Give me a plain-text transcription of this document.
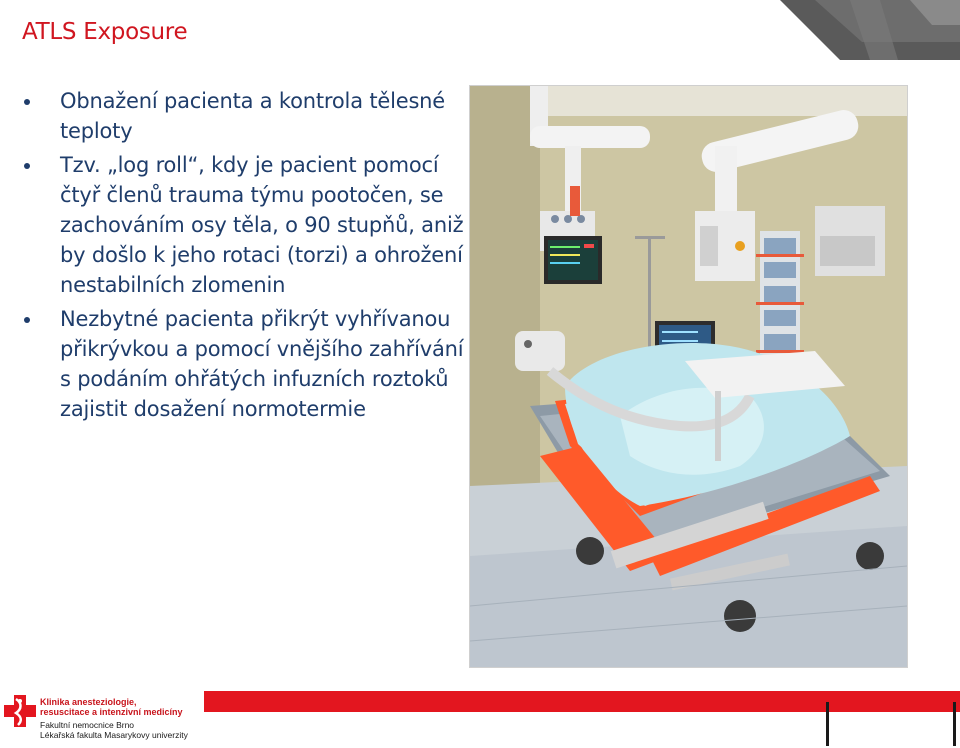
ATLS Exposure
Obnažení pacienta a kontrola tělesné teploty
Tzv. „log roll“, kdy je pacient pomocí čtyř členů trauma týmu pootočen, se zachováním osy těla, o 90 stupňů, aniž by došlo k jeho rotaci (torzi) a ohrožení nestabilních zlomenin
Nezbytné pacienta přikrýt vyhřívanou přikrývkou a pomocí vnějšího zahřívání s podáním ohřátých infuzních roztoků zajistit dosažení normotermie
Klinika anesteziologie,
resuscitace a intenzivní medicíny
Fakultní nemocnice Brno
Lékařská fakulta Masarykovy univerzity
